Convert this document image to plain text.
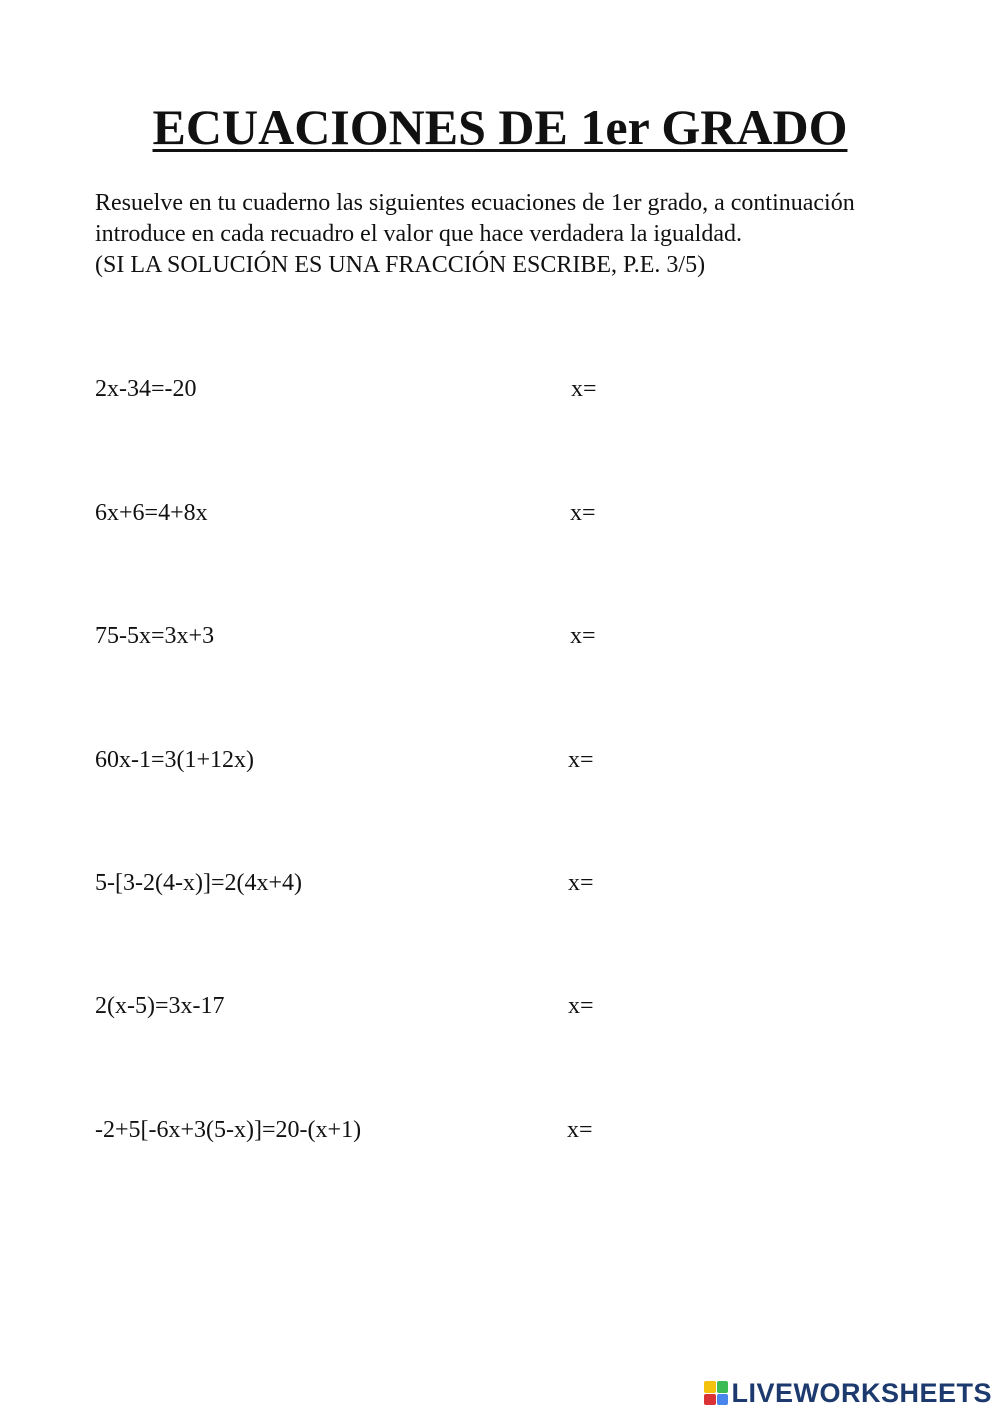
ECUACIONES DE 1er GRADO

Resuelve en tu cuaderno las siguientes ecuaciones de 1er grado, a continuación introduce en cada recuadro el valor que hace verdadera la igualdad.

(SI LA SOLUCIÓN ES UNA FRACCIÓN ESCRIBE, P.E. 3/5)

2x-34=-20	x=
6x+6=4+8x	x=
75-5x=3x+3	x=
60x-1=3(1+12x)	x=
5-[3-2(4-x)]=2(4x+4)	x=
2(x-5)=3x-17	x=
-2+5[-6x+3(5-x)]=20-(x+1)	x=
LIVEWORKSHEETS
